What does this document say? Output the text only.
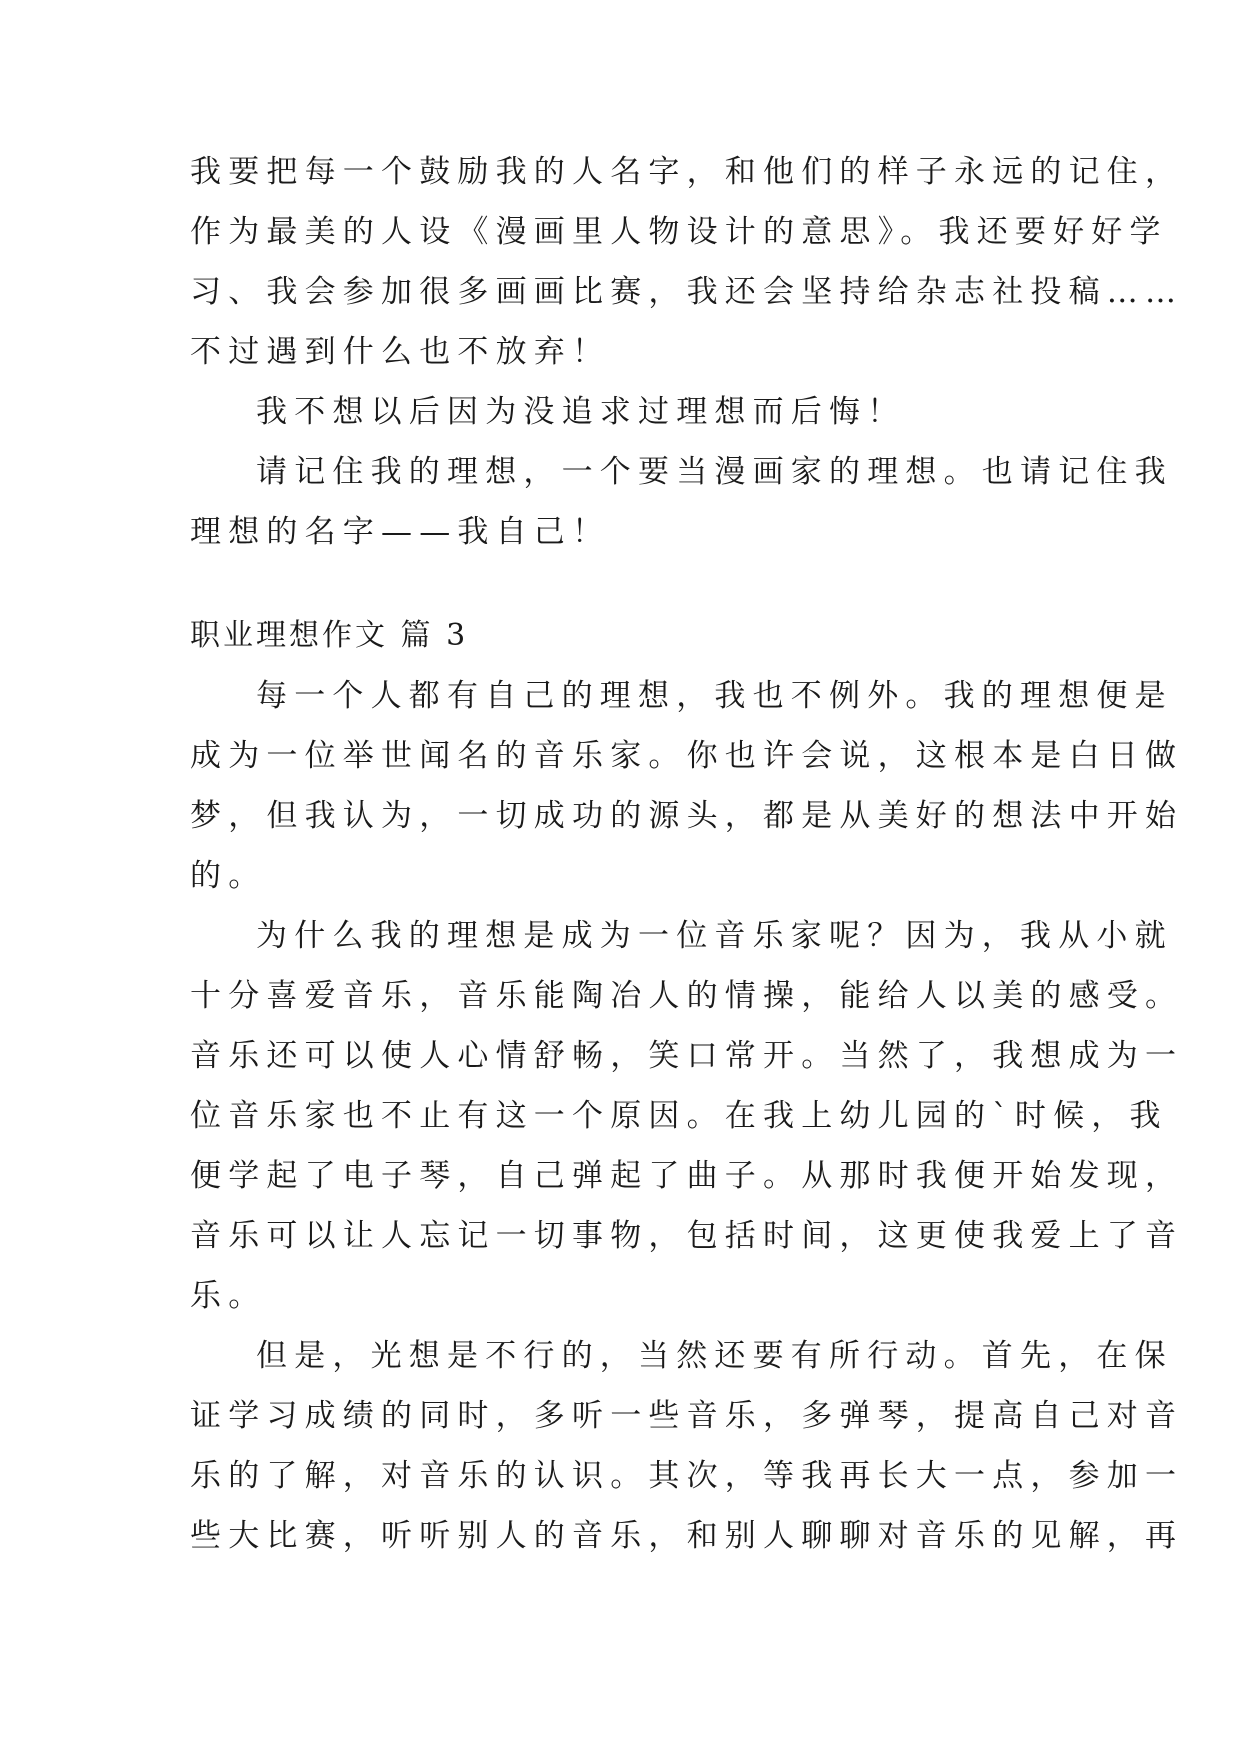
我要把每一个鼓励我的人名字，和他们的样子永远的记住，

作为最美的人设《漫画里人物设计的意思》。我还要好好学

习、我会参加很多画画比赛，我还会坚持给杂志社投稿……

不过遇到什么也不放弃！

我不想以后因为没追求过理想而后悔！

请记住我的理想，一个要当漫画家的理想。也请记住我

理想的名字——我自己！

职业理想作文 篇 3

每一个人都有自己的理想，我也不例外。我的理想便是

成为一位举世闻名的音乐家。你也许会说，这根本是白日做

梦，但我认为，一切成功的源头，都是从美好的想法中开始

的。

为什么我的理想是成为一位音乐家呢？因为，我从小就

十分喜爱音乐，音乐能陶冶人的情操，能给人以美的感受。

音乐还可以使人心情舒畅，笑口常开。当然了，我想成为一

位音乐家也不止有这一个原因。在我上幼儿园的`时候，我

便学起了电子琴，自己弹起了曲子。从那时我便开始发现，

音乐可以让人忘记一切事物，包括时间，这更使我爱上了音

乐。

但是，光想是不行的，当然还要有所行动。首先，在保

证学习成绩的同时，多听一些音乐，多弹琴，提高自己对音

乐的了解，对音乐的认识。其次，等我再长大一点，参加一

些大比赛，听听别人的音乐，和别人聊聊对音乐的见解，再
